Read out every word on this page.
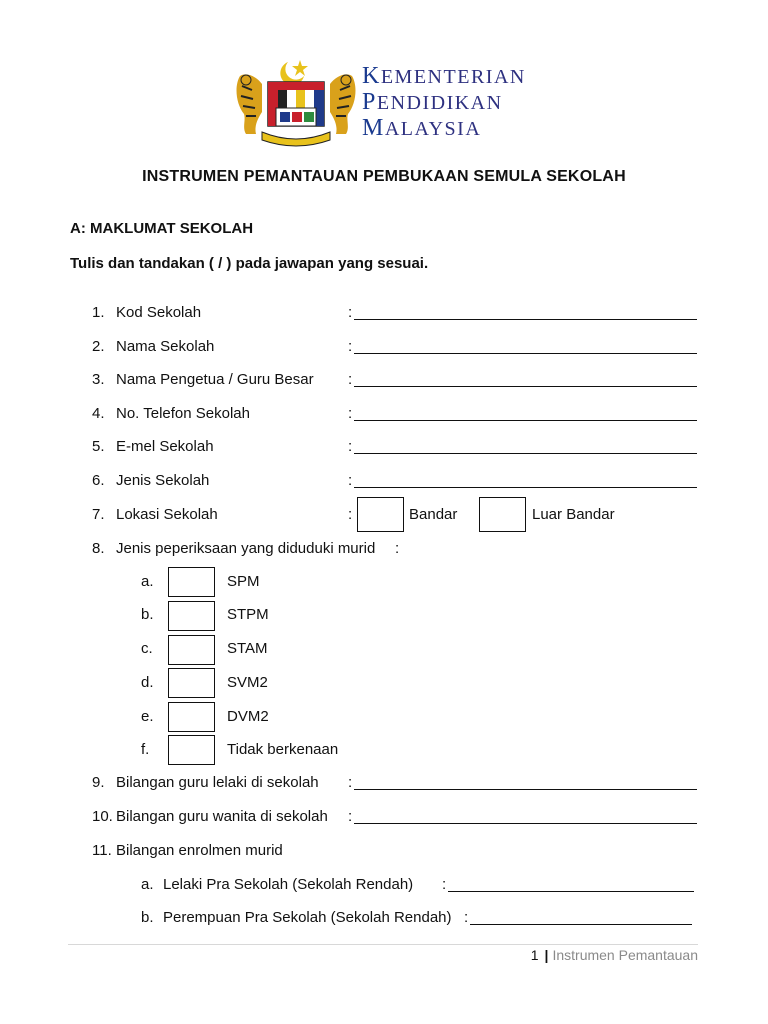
KEMENTERIAN
PENDIDIKAN
MALAYSIA
INSTRUMEN PEMANTAUAN PEMBUKAAN SEMULA SEKOLAH
A: MAKLUMAT SEKOLAH
Tulis dan tandakan ( / ) pada jawapan yang sesuai.
1. Kod Sekolah	:
2. Nama Sekolah	:
3. Nama Pengetua / Guru Besar :
4. No. Telefon Sekolah	:
5. E-mel Sekolah	:
6. Jenis Sekolah	:
7. Lokasi Sekolah	:	Bandar	Luar Bandar
8. Jenis peperiksaan yang diduduki murid :
a.	SPM
b.	STPM
c.	STAM
d.	SVM2
e.	DVM2
f.	Tidak berkenaan
9. Bilangan guru lelaki di sekolah :
10. Bilangan guru wanita di sekolah :
11. Bilangan enrolmen murid
a. Lelaki Pra Sekolah (Sekolah Rendah) :
b. Perempuan Pra Sekolah (Sekolah Rendah) :
1 | Instrumen Pemantauan
